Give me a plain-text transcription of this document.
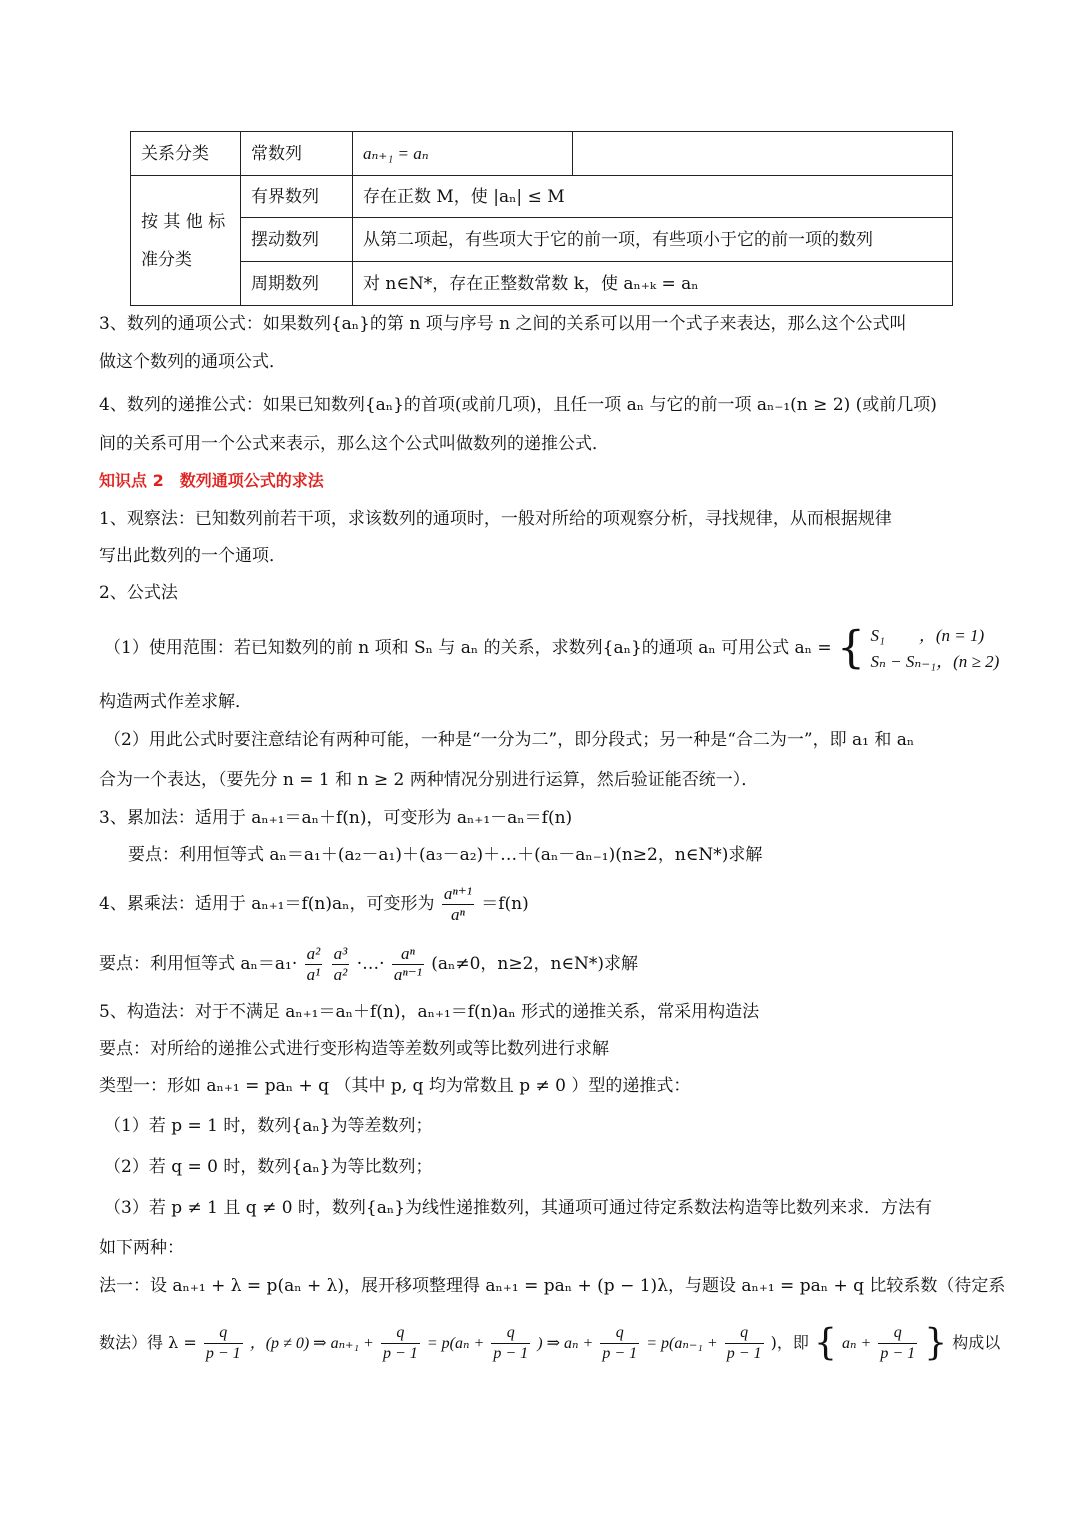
关系分类	常数列	aₙ₊₁ = aₙ	
按 其 他 标 准分类	有界数列	存在正数 M，使 |aₙ| ≤ M	
	摆动数列	从第二项起，有些项大于它的前一项，有些项小于它的前一项的数列	
	周期数列	对 n∈N*，存在正整数常数 k，使 aₙ₊ₖ = aₙ	
3、数列的通项公式：如果数列{aₙ}的第 n 项与序号 n 之间的关系可以用一个式子来表达，那么这个公式叫
做这个数列的通项公式．
4、数列的递推公式：如果已知数列{aₙ}的首项(或前几项)，且任一项 aₙ 与它的前一项 aₙ₋₁(n ≥ 2) (或前几项)
间的关系可用一个公式来表示，那么这个公式叫做数列的递推公式．
知识点 2　数列通项公式的求法
1、观察法：已知数列前若干项，求该数列的通项时，一般对所给的项观察分析，寻找规律，从而根据规律
写出此数列的一个通项．
2、公式法
（1）使用范围：若已知数列的前 n 项和 Sₙ 与 aₙ 的关系，求数列{aₙ}的通项 aₙ 可用公式 aₙ = { S₁　　，(n = 1)
Sₙ − Sₙ₋₁，(n ≥ 2)
构造两式作差求解．
（2）用此公式时要注意结论有两种可能，一种是“一分为二”，即分段式；另一种是“合二为一”，即 a₁ 和 aₙ
合为一个表达，（要先分 n = 1 和 n ≥ 2 两种情况分别进行运算，然后验证能否统一）．
3、累加法：适用于 aₙ₊₁＝aₙ＋f(n)，可变形为 aₙ₊₁－aₙ＝f(n)
要点：利用恒等式 aₙ＝a₁＋(a₂－a₁)＋(a₃－a₂)＋…＋(aₙ－aₙ₋₁)(n≥2，n∈N*)求解
4、累乘法：适用于 aₙ₊₁＝f(n)aₙ，可变形为 $\frac{\text{aⁿ⁺¹}}{\text{aⁿ}} =f(n)$
要点：利用恒等式 $a_n=a_1\cdot \frac{\text{a²}}{\text{a¹}}$
$\frac{\text{a³}}{\text{a²}}$ ·…· $\frac{\text{aⁿ}}{\text{aⁿ⁻¹}} (a_n\ne 0$，n≥2，n∈N*)求解
5、构造法：对于不满足 aₙ₊₁＝aₙ＋f(n)，aₙ₊₁＝f(n)aₙ 形式的递推关系，常采用构造法
要点：对所给的递推公式进行变形构造等差数列或等比数列进行求解
类型一：形如 aₙ₊₁ = paₙ + q （其中 p, q 均为常数且 p ≠ 0 ）型的递推式：
（1）若 p = 1 时，数列{aₙ}为等差数列；
（2）若 q = 0 时，数列{aₙ}为等比数列；
（3）若 p ≠ 1 且 q ≠ 0 时，数列{aₙ}为线性递推数列，其通项可通过待定系数法构造等比数列来求．方法有
如下两种：
法一：设 aₙ₊₁ + λ = p(aₙ + λ)，展开移项整理得 aₙ₊₁ = paₙ + (p − 1)λ，与题设 aₙ₊₁ = paₙ + q 比较系数（待定系
数法）得 $\lambda = \frac{q}{p - 1}$ ，(p ≠ 0) ⇒ $a_{n+1} + \frac{q}{p - 1} = p(a_n + \frac{q}{p - 1}$ ) ⇒ $a_n + \frac{q}{p - 1} = p(a_{n-1} + \frac{q}{p - 1}$ )，即 { $a_n + \frac{q}{p - 1}$ } 构成以
